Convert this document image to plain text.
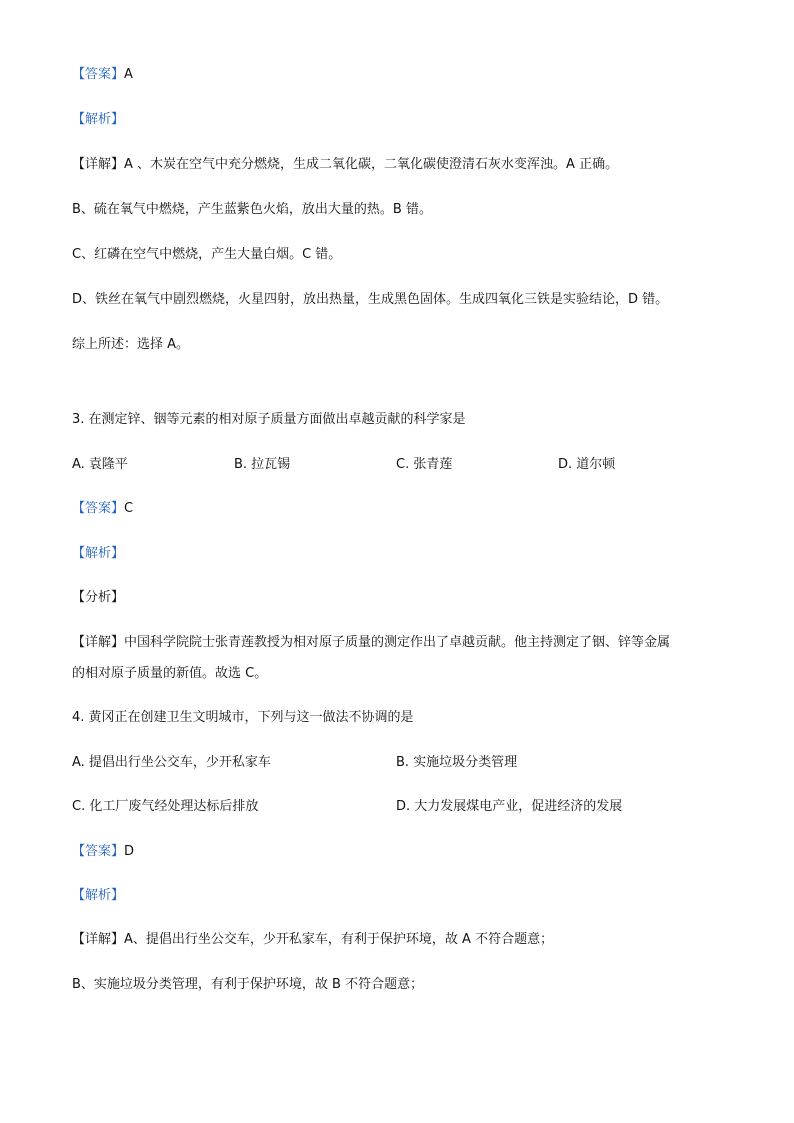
【答案】A
【解析】
【详解】A 、木炭在空气中充分燃烧，生成二氧化碳，二氧化碳使澄清石灰水变浑浊。A 正确。
B、硫在氧气中燃烧，产生蓝紫色火焰，放出大量的热。B 错。
C、红磷在空气中燃烧，产生大量白烟。C 错。
D、铁丝在氧气中剧烈燃烧，火星四射，放出热量，生成黑色固体。生成四氧化三铁是实验结论，D 错。
综上所述：选择 A。
3. 在测定锌、铟等元素的相对原子质量方面做出卓越贡献的科学家是
A. 袁隆平	B. 拉瓦锡	C. 张青莲	D. 道尔顿
【答案】C
【解析】
【分析】
【详解】中国科学院院士张青莲教授为相对原子质量的测定作出了卓越贡献。他主持测定了铟、锌等金属
的相对原子质量的新值。故选 C。
4. 黄冈正在创建卫生文明城市，下列与这一做法不协调的是
A. 提倡出行坐公交车，少开私家车	B. 实施垃圾分类管理
C. 化工厂废气经处理达标后排放	D. 大力发展煤电产业，促进经济的发展
【答案】D
【解析】
【详解】A、提倡出行坐公交车，少开私家车，有利于保护环境，故 A 不符合题意；
B、实施垃圾分类管理，有利于保护环境，故 B 不符合题意；
